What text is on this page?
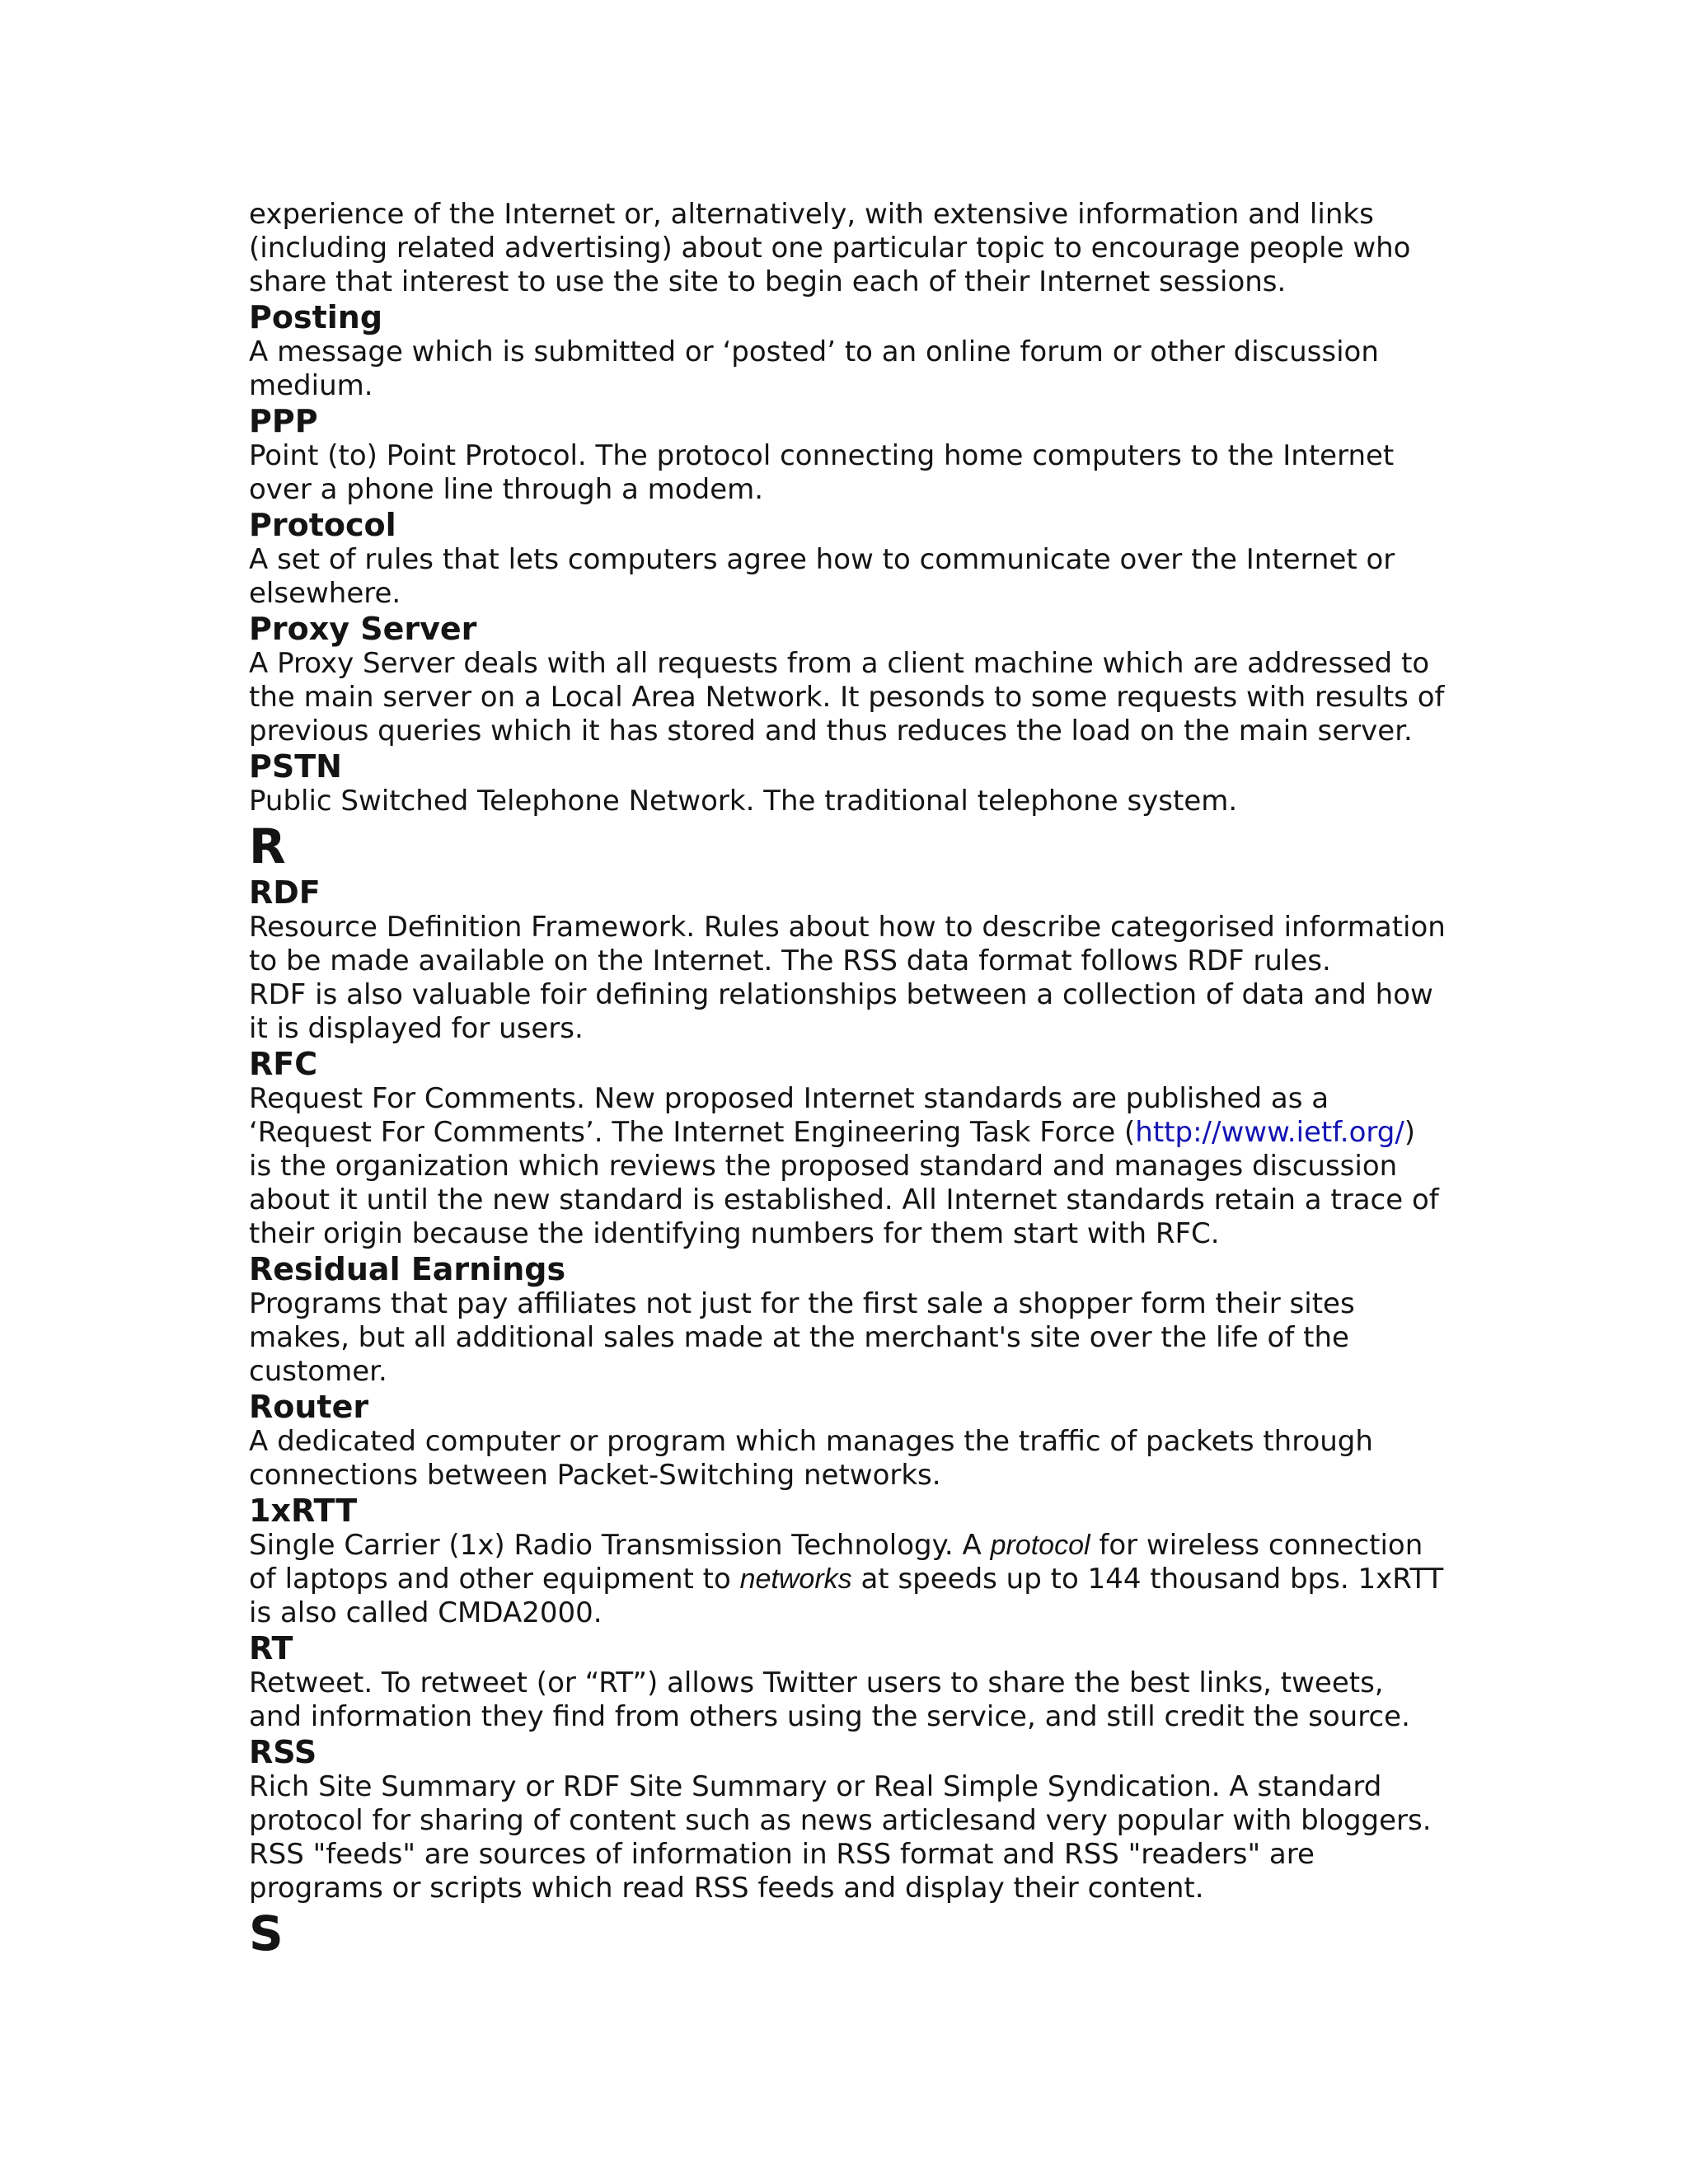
experience of the Internet or, alternatively, with extensive information and links
(including related advertising) about one particular topic to encourage people who
share that interest to use the site to begin each of their Internet sessions.

Posting

A message which is submitted or ‘posted’ to an online forum or other discussion
medium.

PPP

Point (to) Point Protocol. The protocol connecting home computers to the Internet
over a phone line through a modem.

Protocol

A set of rules that lets computers agree how to communicate over the Internet or
elsewhere.

Proxy Server

A Proxy Server deals with all requests from a client machine which are addressed to
the main server on a Local Area Network. It pesonds to some requests with results of
previous queries which it has stored and thus reduces the load on the main server.

PSTN

Public Switched Telephone Network. The traditional telephone system.

R
RDF

Resource Definition Framework. Rules about how to describe categorised information
to be made available on the Internet. The RSS data format follows RDF rules.
RDF is also valuable foir defining relationships between a collection of data and how
it is displayed for users.

RFC

Request For Comments. New proposed Internet standards are published as a
‘Request For Comments’. The Internet Engineering Task Force (http://www.ietf.org/)
is the organization which reviews the proposed standard and manages discussion
about it until the new standard is established. All Internet standards retain a trace of
their origin because the identifying numbers for them start with RFC.

Residual Earnings

Programs that pay affiliates not just for the first sale a shopper form their sites
makes, but all additional sales made at the merchant's site over the life of the
customer.

Router

A dedicated computer or program which manages the traffic of packets through
connections between Packet-Switching networks.

1xRTT

Single Carrier (1x) Radio Transmission Technology. A protocol for wireless connection
of laptops and other equipment to networks at speeds up to 144 thousand bps. 1xRTT
is also called CMDA2000.

RT

Retweet. To retweet (or “RT”) allows Twitter users to share the best links, tweets,
and information they find from others using the service, and still credit the source.

RSS

Rich Site Summary or RDF Site Summary or Real Simple Syndication. A standard
protocol for sharing of content such as news articlesand very popular with bloggers.
RSS "feeds" are sources of information in RSS format and RSS "readers" are
programs or scripts which read RSS feeds and display their content.

S
